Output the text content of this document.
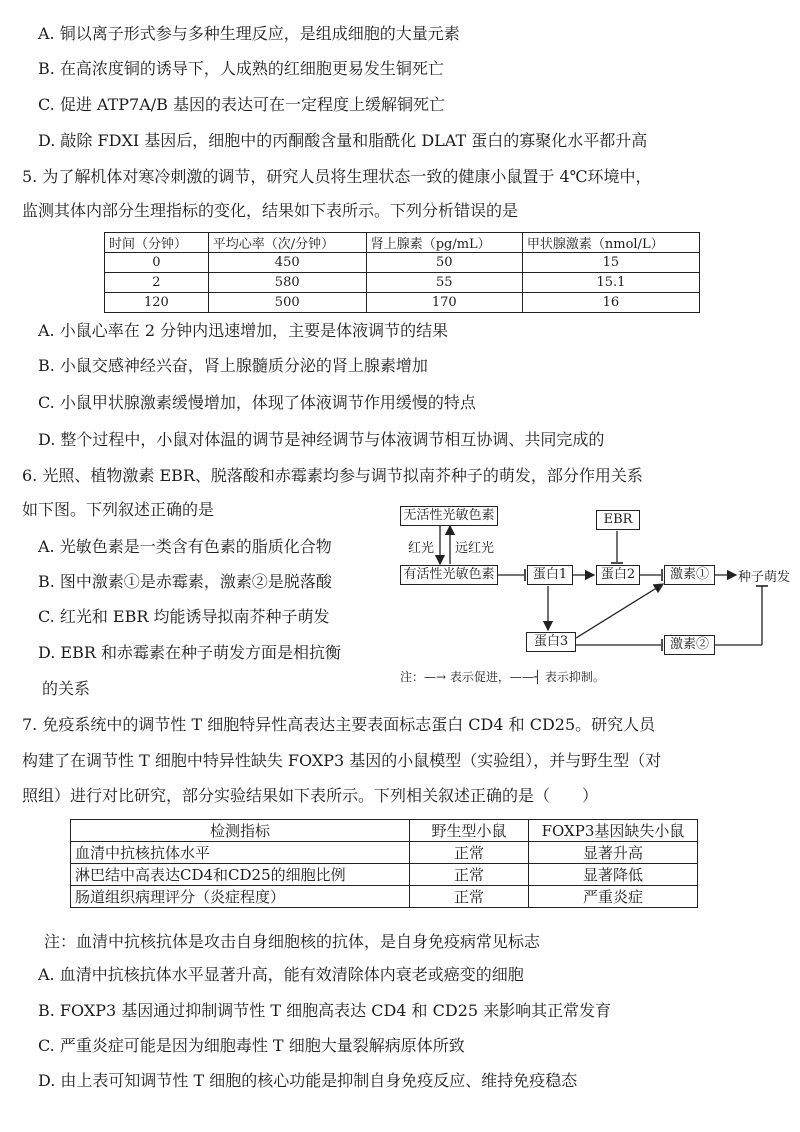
A. 铜以离子形式参与多种生理反应，是组成细胞的大量元素
B. 在高浓度铜的诱导下，人成熟的红细胞更易发生铜死亡
C. 促进 ATP7A/B 基因的表达可在一定程度上缓解铜死亡
D. 敲除 FDXI 基因后，细胞中的丙酮酸含量和脂酰化 DLAT 蛋白的寡聚化水平都升高
5. 为了解机体对寒冷刺激的调节，研究人员将生理状态一致的健康小鼠置于 4℃环境中，
监测其体内部分生理指标的变化，结果如下表所示。下列分析错误的是
时间（分钟）	平均心率（次/分钟）	肾上腺素（pg/mL）	甲状腺激素（nmol/L）
0	450	50	15
2	580	55	15.1
120	500	170	16
A. 小鼠心率在 2 分钟内迅速增加，主要是体液调节的结果
B. 小鼠交感神经兴奋，肾上腺髓质分泌的肾上腺素增加
C. 小鼠甲状腺激素缓慢增加，体现了体液调节作用缓慢的特点
D. 整个过程中，小鼠对体温的调节是神经调节与体液调节相互协调、共同完成的
6. 光照、植物激素 EBR、脱落酸和赤霉素均参与调节拟南芥种子的萌发，部分作用关系
如下图。下列叙述正确的是
A. 光敏色素是一类含有色素的脂质化合物
B. 图中激素①是赤霉素，激素②是脱落酸
C. 红光和 EBR 均能诱导拟南芥种子萌发
D. EBR 和赤霉素在种子萌发方面是相抗衡
的关系
无活性光敏色素
红光 远红光
有活性光敏色素
EBR
蛋白1	蛋白2	激素①	种子萌发
蛋白3	激素②
注：—→ 表示促进，——┤ 表示抑制。
7. 免疫系统中的调节性 T 细胞特异性高表达主要表面标志蛋白 CD4 和 CD25。研究人员
构建了在调节性 T 细胞中特异性缺失 FOXP3 基因的小鼠模型（实验组），并与野生型（对
照组）进行对比研究，部分实验结果如下表所示。下列相关叙述正确的是（　　）
检测指标	野生型小鼠	FOXP3基因缺失小鼠
血清中抗核抗体水平	正常	显著升高
淋巴结中高表达CD4和CD25的细胞比例	正常	显著降低
肠道组织病理评分（炎症程度）	正常	严重炎症
注：血清中抗核抗体是攻击自身细胞核的抗体，是自身免疫病常见标志
A. 血清中抗核抗体水平显著升高，能有效清除体内衰老或癌变的细胞
B. FOXP3 基因通过抑制调节性 T 细胞高表达 CD4 和 CD25 来影响其正常发育
C. 严重炎症可能是因为细胞毒性 T 细胞大量裂解病原体所致
D. 由上表可知调节性 T 细胞的核心功能是抑制自身免疫反应、维持免疫稳态
